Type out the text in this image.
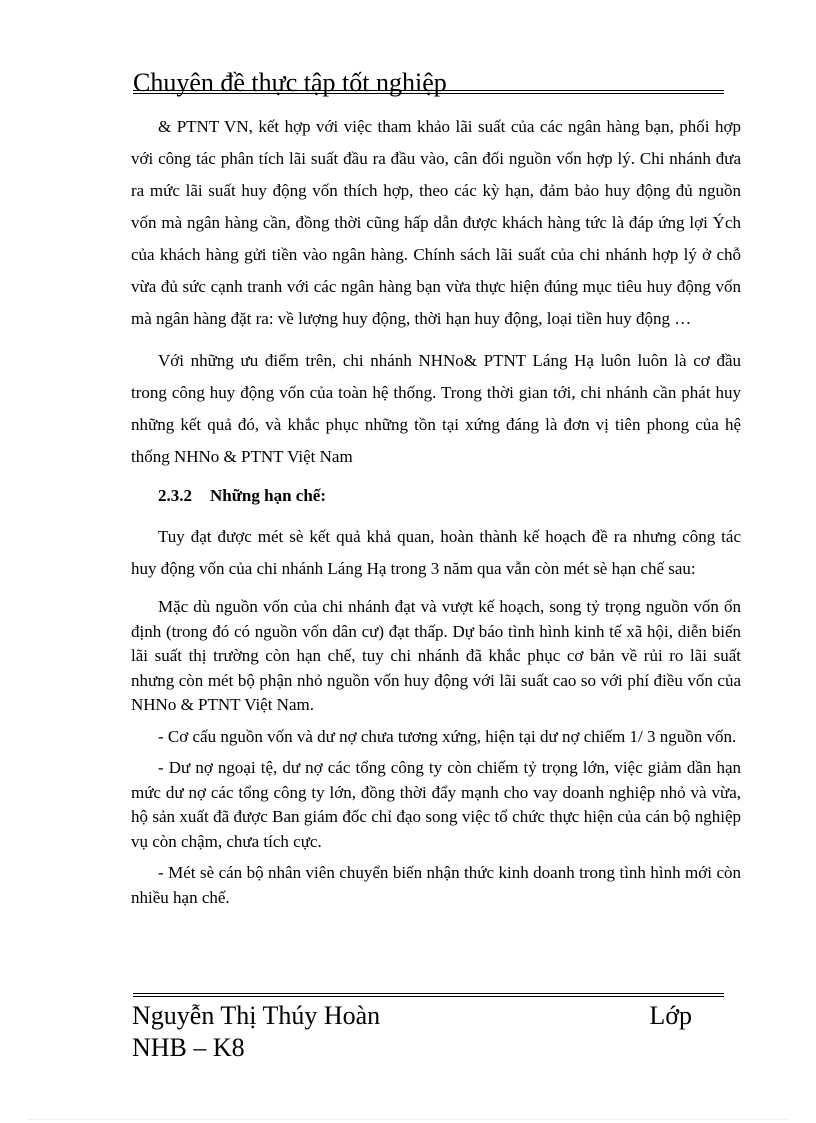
Chuyên đề thực tập tốt nghiệp

& PTNT VN, kết hợp với việc tham khảo lãi suất của các ngân hàng bạn, phối hợp với công tác phân tích lãi suất đầu ra đầu vào, cân đối nguồn vốn hợp lý. Chi nhánh đưa ra mức lãi suất huy động vốn thích hợp, theo các kỳ hạn, đảm bảo huy động đủ nguồn vốn mà ngân hàng cần, đồng thời cũng hấp dẫn được khách hàng tức là đáp ứng lợi Ých của khách hàng gửi tiền vào ngân hàng. Chính sách lãi suất của chi nhánh hợp lý ở chỗ vừa đủ sức cạnh tranh với các ngân hàng bạn vừa thực hiện đúng mục tiêu huy động vốn mà ngân hàng đặt ra: về lượng huy động, thời hạn huy động, loại tiền huy động …

Với những ưu điểm trên, chi nhánh NHNo& PTNT Láng Hạ luôn luôn là cơ đầu trong công huy động vốn của toàn hệ thống. Trong thời gian tới, chi nhánh cần phát huy những kết quả đó, và khắc phục những tồn tại xứng đáng là đơn vị tiên phong của hệ thống NHNo & PTNT Việt Nam

2.3.2 Những hạn chế:

Tuy đạt được mét sè kết quả khả quan, hoàn thành kế hoạch đề ra nhưng công tác huy động vốn của chi nhánh Láng Hạ trong 3 năm qua vẫn còn mét sè hạn chế sau:

Mặc dù nguồn vốn của chi nhánh đạt và vượt kế hoạch, song tỷ trọng nguồn vốn ổn định (trong đó có nguồn vốn dân cư) đạt thấp. Dự báo tình hình kinh tế xã hội, diễn biến lãi suất thị trường còn hạn chế, tuy chi nhánh đã khắc phục cơ bản về rủi ro lãi suất nhưng còn mét bộ phận nhỏ nguồn vốn huy động với lãi suất cao so với phí điều vốn của NHNo & PTNT Việt Nam.

- Cơ cấu nguồn vốn và dư nợ chưa tương xứng, hiện tại dư nợ chiếm 1/ 3 nguồn vốn.

- Dư nợ ngoại tệ, dư nợ các tổng công ty còn chiếm tỷ trọng lớn, việc giảm dần hạn mức dư nợ các tổng công ty lớn, đồng thời đẩy mạnh cho vay doanh nghiệp nhỏ và vừa, hộ sản xuất đã được Ban giám đốc chỉ đạo song việc tổ chức thực hiện của cán bộ nghiệp vụ còn chậm, chưa tích cực.

- Mét sè cán bộ nhân viên chuyển biến nhận thức kinh doanh trong tình hình mới còn nhiều hạn chế.

Nguyễn Thị Thúy Hoàn	Lớp
NHB – K8
